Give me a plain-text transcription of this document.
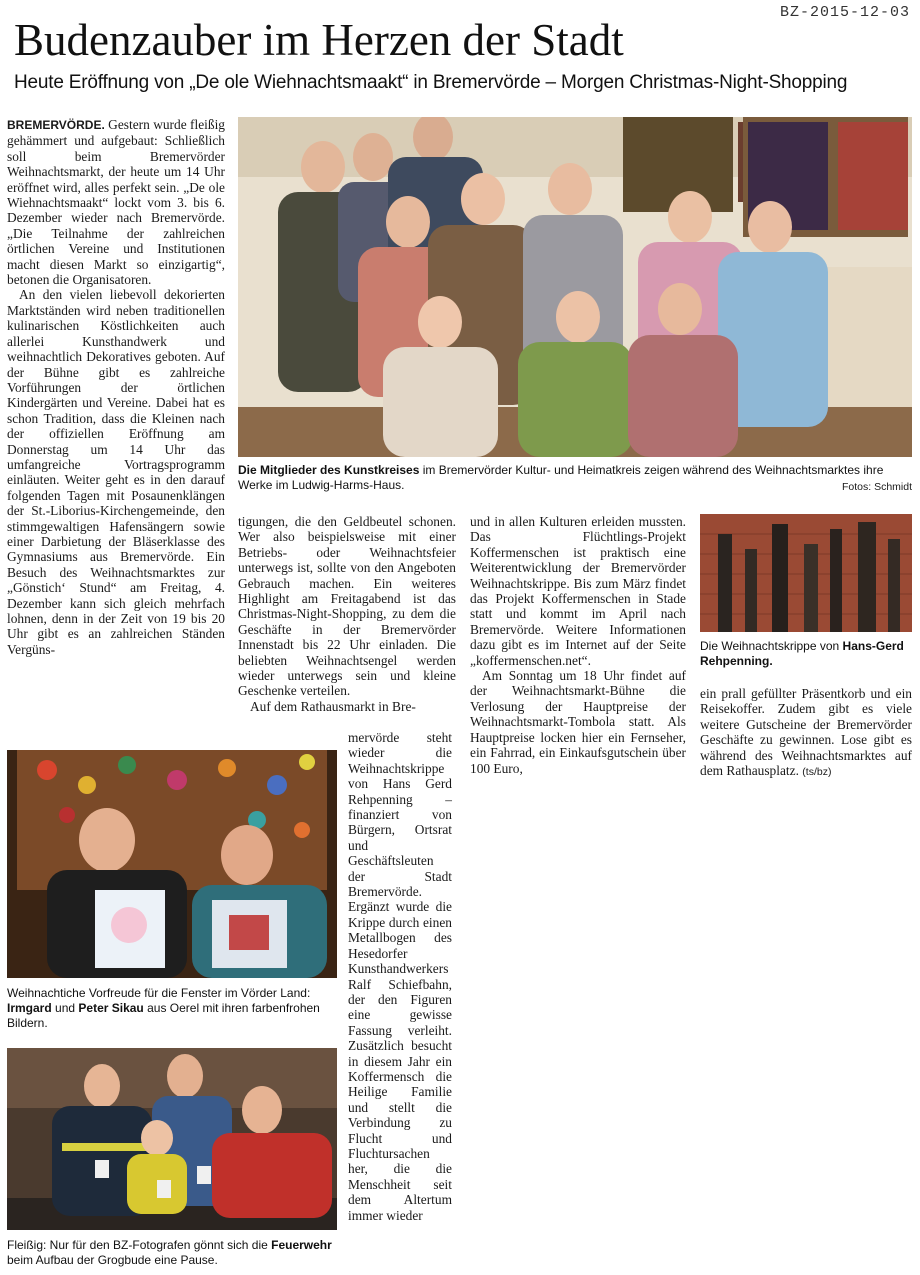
BZ-2015-12-03
Budenzauber im Herzen der Stadt
Heute Eröffnung von „De ole Wiehnachtsmaakt“ in Bremervörde – Morgen Christmas-Night-Shopping
Die Mitglieder des Kunstkreises im Bremervörder Kultur- und Heimatkreis zeigen während des Weihnachtsmarktes ihre Werke im Ludwig-Harms-Haus.	Fotos: Schmidt

BREMERVÖRDE. Gestern wurde fleißig gehämmert und aufgebaut: Schließlich soll beim Bremervörder Weihnachtsmarkt, der heute um 14 Uhr eröffnet wird, alles perfekt sein. „De ole Wiehnachtsmaakt“ lockt vom 3. bis 6. Dezember wieder nach Bremervörde. „Die Teilnahme der zahlreichen örtlichen Vereine und Institutionen macht diesen Markt so einzigartig“, betonen die Organisatoren.

An den vielen liebevoll dekorierten Marktständen wird neben traditionellen kulinarischen Köstlichkeiten auch allerlei Kunsthandwerk und weihnachtlich Dekoratives geboten. Auf der Bühne gibt es zahlreiche Vorführungen der örtlichen Kindergärten und Vereine. Dabei hat es schon Tradition, dass die Kleinen nach der offiziellen Eröffnung am Donnerstag um 14 Uhr das umfangreiche Vortragsprogramm einläuten. Weiter geht es in den darauf folgenden Tagen mit Posaunenklängen der St.-Liborius-Kirchengemeinde, den stimmgewaltigen Hafensängern sowie einer Darbietung der Bläserklasse des Gymnasiums aus Bremervörde. Ein Besuch des Weihnachtsmarktes zur „Gönstich‘ Stund“ am Freitag, 4. Dezember kann sich gleich mehrfach lohnen, denn in der Zeit von 19 bis 20 Uhr gibt es an zahlreichen Ständen Vergüns-

Weihnachtiche Vorfreude für die Fenster im Vörder Land: Irmgard und Peter Sikau aus Oerel mit ihren farbenfrohen Bildern.
Fleißig: Nur für den BZ-Fotografen gönnt sich die Feuerwehr beim Aufbau der Grogbude eine Pause.

tigungen, die den Geldbeutel schonen. Wer also beispielsweise mit einer Betriebs- oder Weihnachtsfeier unterwegs ist, sollte von den Angeboten Gebrauch machen. Ein weiteres Highlight am Freitagabend ist das Christmas-Night-Shopping, zu dem die Geschäfte in der Bremervörder Innenstadt bis 22 Uhr einladen. Die beliebten Weihnachtsengel werden wieder unterwegs sein und kleine Geschenke verteilen.

Auf dem Rathausmarkt in Bre-

mervörde steht wieder die Weihnachtskrippe von Hans Gerd Rehpenning – finanziert von Bürgern, Ortsrat und Geschäftsleuten der Stadt Bremervörde. Ergänzt wurde die Krippe durch einen Metallbogen des Hesedorfer Kunsthandwerkers Ralf Schiefbahn, der den Figuren eine gewisse Fassung verleiht. Zusätzlich besucht in diesem Jahr ein Koffermensch die Heilige Familie und stellt die Verbindung zu Flucht und Fluchtursachen her, die die Menschheit seit dem Altertum immer wieder

und in allen Kulturen erleiden mussten. Das Flüchtlings-Projekt Koffermenschen ist praktisch eine Weiterentwicklung der Bremervörder Weihnachtskrippe. Bis zum März findet das Projekt Koffermenschen in Stade statt und kommt im April nach Bremervörde. Weitere Informationen dazu gibt es im Internet auf der Seite „koffermenschen.net“.

Am Sonntag um 18 Uhr findet auf der Weihnachtsmarkt-Bühne die Verlosung der Hauptpreise der Weihnachtsmarkt-Tombola statt. Als Hauptpreise locken hier ein Fernseher, ein Fahrrad, ein Einkaufsgutschein über 100 Euro,

Die Weihnachtskrippe von Hans-Gerd Rehpenning.

ein prall gefüllter Präsentkorb und ein Reisekoffer. Zudem gibt es viele weitere Gutscheine der Bremervörder Geschäfte zu gewinnen. Lose gibt es während des Weihnachtsmarktes auf dem Rathausplatz. (ts/bz)
